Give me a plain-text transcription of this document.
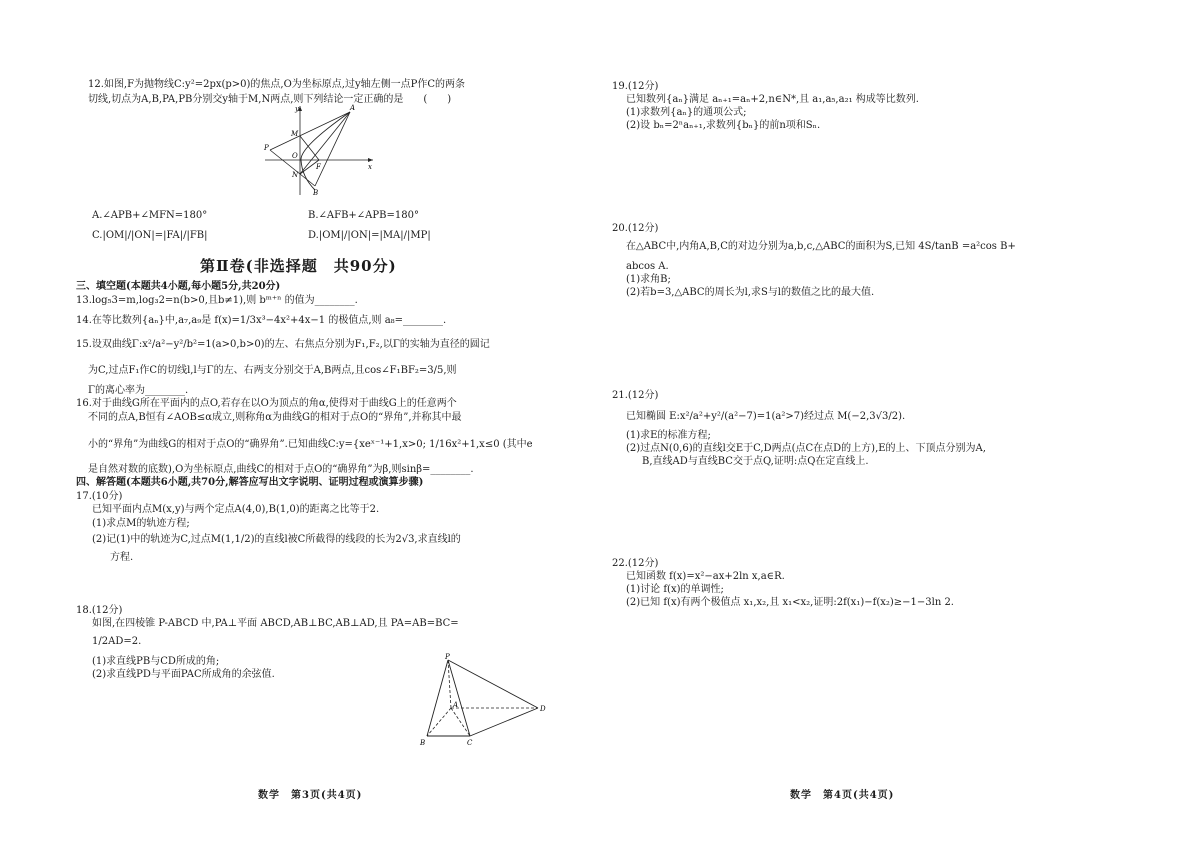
12.如图,F为抛物线C:y²=2px(p>0)的焦点,O为坐标原点,过y轴左侧一点P作C的两条
切线,切点为A,B,PA,PB分别交y轴于M,N两点,则下列结论一定正确的是　　(　　)
y
x
A
M
P
O
F
N
B
A.∠APB+∠MFN=180°	B.∠AFB+∠APB=180°
C.|OM|/|ON|=|FA|/|FB|	D.|OM|/|ON|=|MA|/|MP|
第Ⅱ卷(非选择题　共90分)
三、填空题(本题共4小题,每小题5分,共20分)
13.log₅3=m,log₃2=n(b>0,且b≠1),则 bᵐ⁺ⁿ 的值为________.
14.在等比数列{aₙ}中,a₇,a₉是 f(x)=1/3x³−4x²+4x−1 的极值点,则 a₈=________.
15.设双曲线Γ:x²/a²−y²/b²=1(a>0,b>0)的左、右焦点分别为F₁,F₂,以Γ的实轴为直径的圆记
为C,过点F₁作C的切线l,l与Γ的左、右两支分别交于A,B两点,且cos∠F₁BF₂=3/5,则
Γ的离心率为________.
16.对于曲线G所在平面内的点O,若存在以O为顶点的角α,使得对于曲线G上的任意两个
不同的点A,B恒有∠AOB≤α成立,则称角α为曲线G的相对于点O的“界角”,并称其中最
小的“界角”为曲线G的相对于点O的“确界角”.已知曲线C:y={xeˣ⁻¹+1,x>0; 1/16x²+1,x≤0 (其中e
是自然对数的底数),O为坐标原点,曲线C的相对于点O的“确界角”为β,则sinβ=________.
四、解答题(本题共6小题,共70分,解答应写出文字说明、证明过程或演算步骤)
17.(10分)
已知平面内点M(x,y)与两个定点A(4,0),B(1,0)的距离之比等于2.
(1)求点M的轨迹方程;
(2)记(1)中的轨迹为C,过点M(1,1/2)的直线l被C所截得的线段的长为2√3,求直线l的
方程.
18.(12分)
如图,在四棱锥 P-ABCD 中,PA⊥平面 ABCD,AB⊥BC,AB⊥AD,且 PA=AB=BC=
1/2AD=2.
(1)求直线PB与CD所成的角;
(2)求直线PD与平面PAC所成角的余弦值.
P
A
B	C
D
数学　第3页(共4页)
19.(12分)
已知数列{aₙ}满足 aₙ₊₁=aₙ+2,n∈N*,且 a₁,a₅,a₂₁ 构成等比数列.
(1)求数列{aₙ}的通项公式;
(2)设 bₙ=2ⁿaₙ₊₁,求数列{bₙ}的前n项和Sₙ.
20.(12分)
在△ABC中,内角A,B,C的对边分别为a,b,c,△ABC的面积为S,已知 4S/tanB =a²cos B+
abcos A.
(1)求角B;
(2)若b=3,△ABC的周长为l,求S与l的数值之比的最大值.
21.(12分)
已知椭圆 E:x²/a²+y²/(a²−7)=1(a²>7)经过点 M(−2,3√3/2).
(1)求E的标准方程;
(2)过点N(0,6)的直线l交E于C,D两点(点C在点D的上方),E的上、下顶点分别为A,
B,直线AD与直线BC交于点Q,证明:点Q在定直线上.
22.(12分)
已知函数 f(x)=x²−ax+2ln x,a∈R.
(1)讨论 f(x)的单调性;
(2)已知 f(x)有两个极值点 x₁,x₂,且 x₁<x₂,证明:2f(x₁)−f(x₂)≥−1−3ln 2.
数学　第4页(共4页)
